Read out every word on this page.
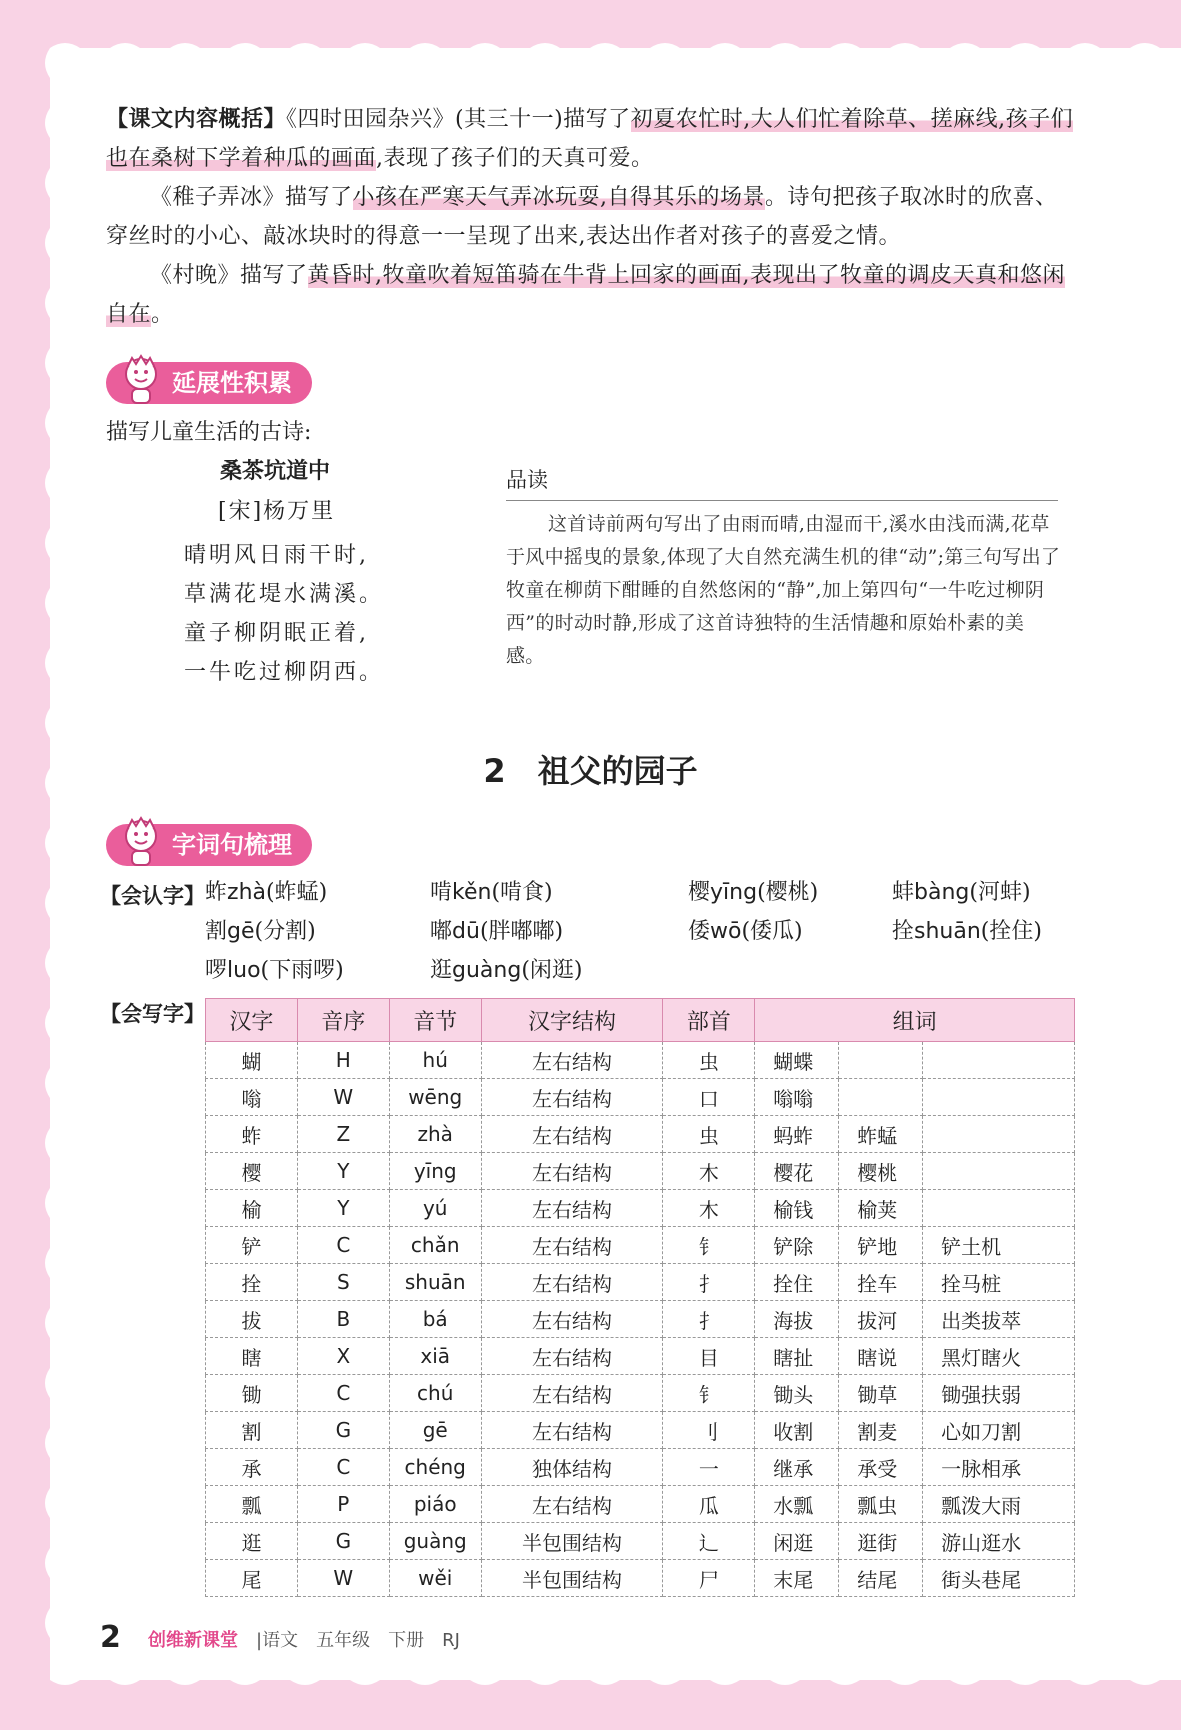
【课文内容概括】《四时田园杂兴》(其三十一)描写了初夏农忙时,大人们忙着除草、搓麻线,孩子们也在桑树下学着种瓜的画面,表现了孩子们的天真可爱。
《稚子弄冰》描写了小孩在严寒天气弄冰玩耍,自得其乐的场景。诗句把孩子取冰时的欣喜、穿丝时的小心、敲冰块时的得意一一呈现了出来,表达出作者对孩子的喜爱之情。
《村晚》描写了黄昏时,牧童吹着短笛骑在牛背上回家的画面,表现出了牧童的调皮天真和悠闲自在。
延展性积累
描写儿童生活的古诗:
桑茶坑道中
[宋]杨万里
晴明风日雨干时,
草满花堤水满溪。
童子柳阴眠正着,
一牛吃过柳阴西。
品读
这首诗前两句写出了由雨而晴,由湿而干,溪水由浅而满,花草于风中摇曳的景象,体现了大自然充满生机的律“动”;第三句写出了牧童在柳荫下酣睡的自然悠闲的“静”,加上第四句“一牛吃过柳阴西”的时动时静,形成了这首诗独特的生活情趣和原始朴素的美感。
2　祖父的园子
字词句梳理
【会认字】 蚱zhà(蚱蜢)	啃kěn(啃食)	樱yīng(樱桃)	蚌bàng(河蚌)
割gē(分割)	嘟dū(胖嘟嘟)	倭wō(倭瓜)	拴shuān(拴住)
啰luo(下雨啰)	逛guàng(闲逛)
【会写字】 汉字	音序	音节	汉字结构	部首	组词		
蝴	H	hú	左右结构	虫	蝴蝶		
嗡	W	wēng	左右结构	口	嗡嗡		
蚱	Z	zhà	左右结构	虫	蚂蚱	蚱蜢	
樱	Y	yīng	左右结构	木	樱花	樱桃	
榆	Y	yú	左右结构	木	榆钱	榆荚	
铲	C	chǎn	左右结构	钅	铲除	铲地	铲土机
拴	S	shuān	左右结构	扌	拴住	拴车	拴马桩
拔	B	bá	左右结构	扌	海拔	拔河	出类拔萃
瞎	X	xiā	左右结构	目	瞎扯	瞎说	黑灯瞎火
锄	C	chú	左右结构	钅	锄头	锄草	锄强扶弱
割	G	gē	左右结构	刂	收割	割麦	心如刀割
承	C	chéng	独体结构	一	继承	承受	一脉相承
瓢	P	piáo	左右结构	瓜	水瓢	瓢虫	瓢泼大雨
逛	G	guàng	半包围结构	辶	闲逛	逛街	游山逛水
尾	W	wěi	半包围结构	尸	末尾	结尾	街头巷尾
2 创维新课堂 |语文　五年级　下册　RJ
